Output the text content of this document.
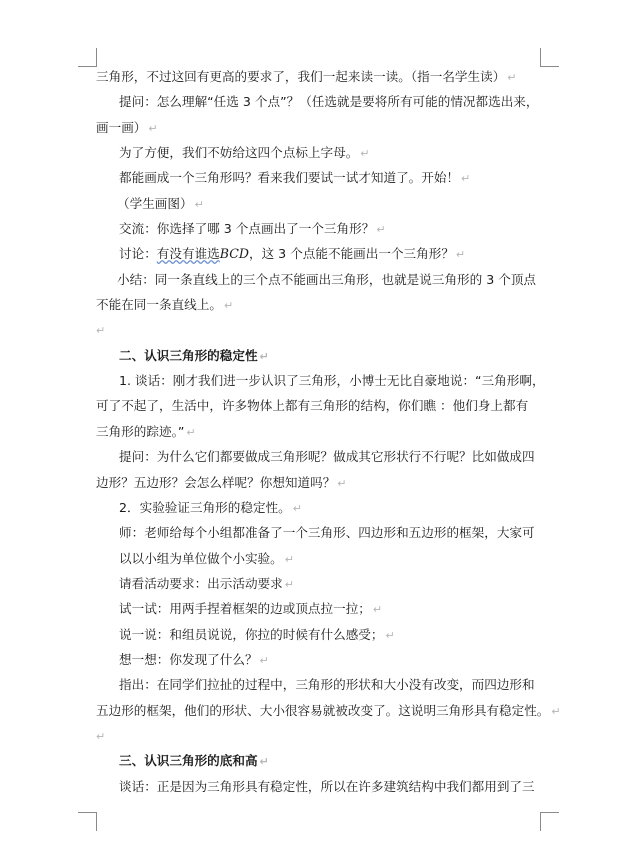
三角形，不过这回有更高的要求了，我们一起来读一读。（指一名学生读） ↵
提问：怎么理解“任选 3 个点”？（任选就是要将所有可能的情况都选出来，
画一画） ↵
为了方便，我们不妨给这四个点标上字母。 ↵
都能画成一个三角形吗？看来我们要试一试才知道了。开始！ ↵
（学生画图） ↵
交流：你选择了哪 3 个点画出了一个三角形？ ↵
讨论：有没有谁选BCD，这 3 个点能不能画出一个三角形？ ↵
小结：同一条直线上的三个点不能画出三角形，也就是说三角形的 3 个顶点
不能在同一条直线上。 ↵
↵
二、认识三角形的稳定性 ↵
1. 谈话：刚才我们进一步认识了三角形，小博士无比自豪地说：“三角形啊，
可了不起了，生活中，许多物体上都有三角形的结构，你们瞧 ：他们身上都有
三角形的踪迹。” ↵
提问：为什么它们都要做成三角形呢？做成其它形状行不行呢？比如做成四
边形？五边形？会怎么样呢？你想知道吗？ ↵
2．实验验证三角形的稳定性。 ↵
师：老师给每个小组都准备了一个三角形、四边形和五边形的框架，大家可
以以小组为单位做个小实验。 ↵
请看活动要求：出示活动要求 ↵
试一试：用两手捏着框架的边或顶点拉一拉； ↵
说一说：和组员说说，你拉的时候有什么感受； ↵
想一想：你发现了什么？ ↵
指出：在同学们拉扯的过程中，三角形的形状和大小没有改变，而四边形和
五边形的框架，他们的形状、大小很容易就被改变了。这说明三角形具有稳定性。 ↵
↵
三、认识三角形的底和高 ↵
谈话：正是因为三角形具有稳定性，所以在许多建筑结构中我们都用到了三
